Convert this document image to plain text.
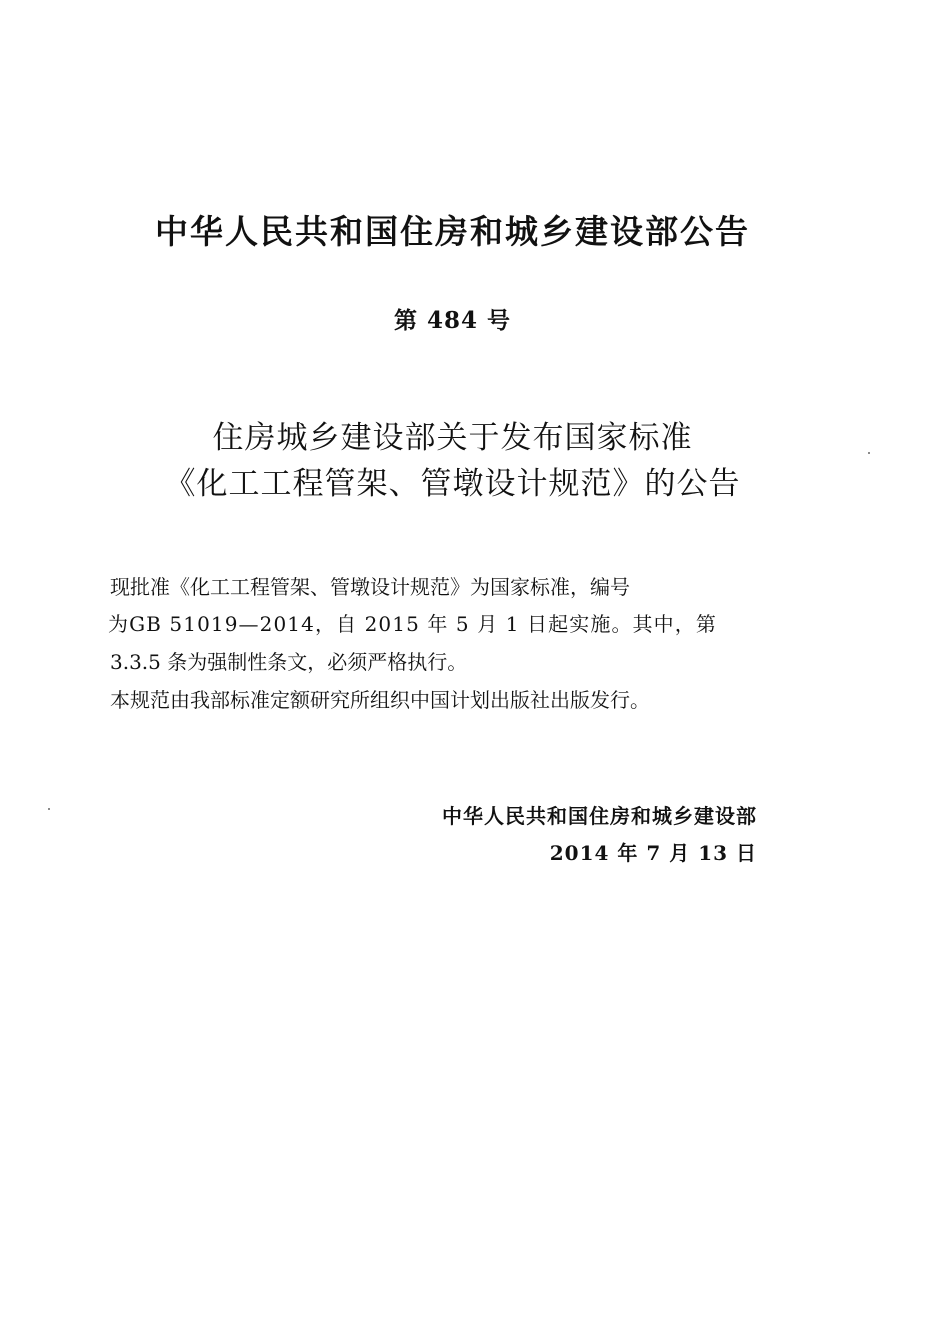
中华人民共和国住房和城乡建设部公告
第 484 号
住房城乡建设部关于发布国家标准
《化工工程管架、管墩设计规范》的公告
现批准《化工工程管架、管墩设计规范》为国家标准，编号
为GB 51019—2014，自 2015 年 5 月 1 日起实施。其中，第
3.3.5 条为强制性条文，必须严格执行。
本规范由我部标准定额研究所组织中国计划出版社出版发行。
中华人民共和国住房和城乡建设部
2014 年 7 月 13 日
